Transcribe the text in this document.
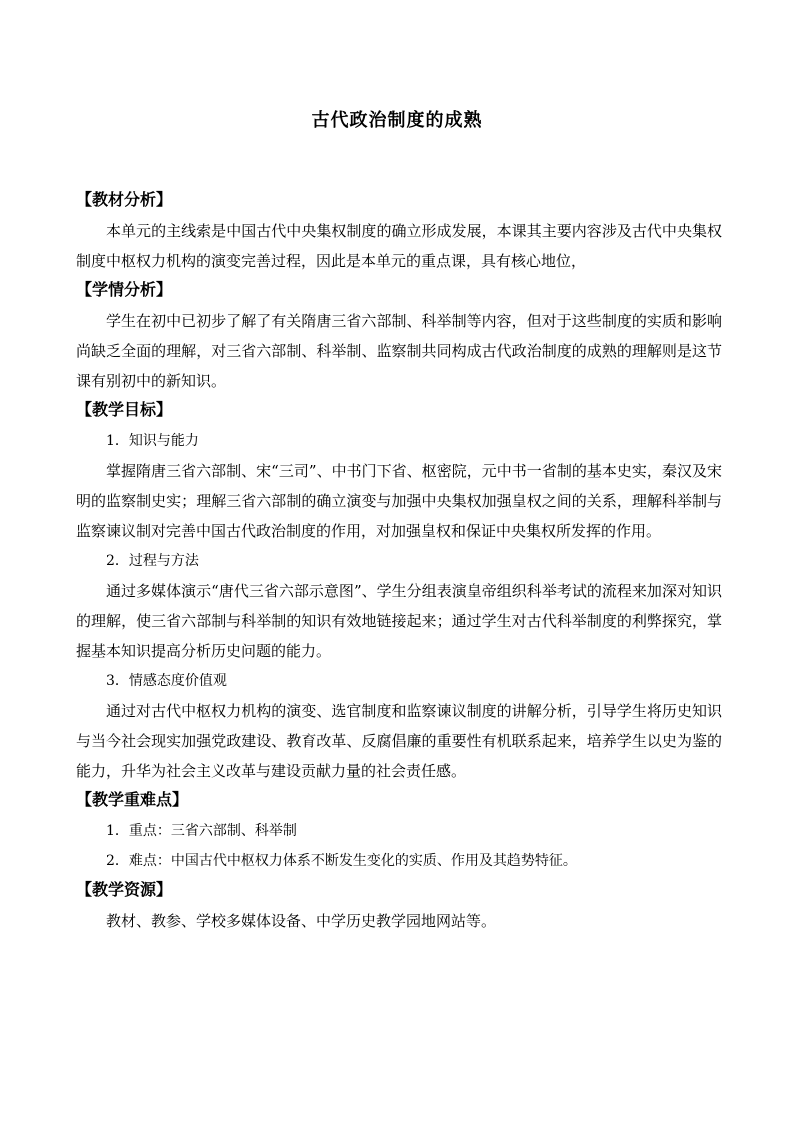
古代政治制度的成熟

【教材分析】

本单元的主线索是中国古代中央集权制度的确立形成发展，本课其主要内容涉及古代中央集权制度中枢权力机构的演变完善过程，因此是本单元的重点课，具有核心地位，

【学情分析】

学生在初中已初步了解了有关隋唐三省六部制、科举制等内容，但对于这些制度的实质和影响尚缺乏全面的理解，对三省六部制、科举制、监察制共同构成古代政治制度的成熟的理解则是这节课有别初中的新知识。

【教学目标】

1．知识与能力

掌握隋唐三省六部制、宋“三司”、中书门下省、枢密院，元中书一省制的基本史实，秦汉及宋明的监察制史实；理解三省六部制的确立演变与加强中央集权加强皇权之间的关系，理解科举制与监察谏议制对完善中国古代政治制度的作用，对加强皇权和保证中央集权所发挥的作用。

2．过程与方法

通过多媒体演示“唐代三省六部示意图”、学生分组表演皇帝组织科举考试的流程来加深对知识的理解，使三省六部制与科举制的知识有效地链接起来；通过学生对古代科举制度的利弊探究，掌握基本知识提高分析历史问题的能力。

3．情感态度价值观

通过对古代中枢权力机构的演变、选官制度和监察谏议制度的讲解分析，引导学生将历史知识与当今社会现实加强党政建设、教育改革、反腐倡廉的重要性有机联系起来，培养学生以史为鉴的能力，升华为社会主义改革与建设贡献力量的社会责任感。

【教学重难点】

1．重点：三省六部制、科举制

2．难点：中国古代中枢权力体系不断发生变化的实质、作用及其趋势特征。

【教学资源】

教材、教参、学校多媒体设备、中学历史教学园地网站等。
